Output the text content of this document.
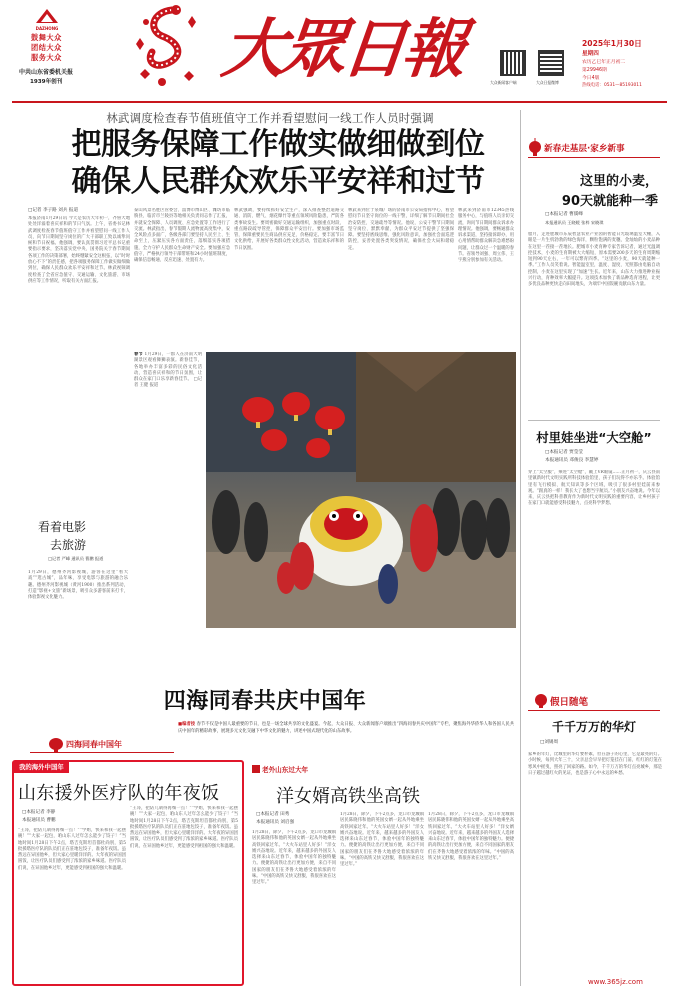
DAZHONG
鼓舞大众
团结大众
服务大众
中共山东省委机关报
1939年创刊 大眾日報	2025年1月30日
星期四
农历乙巳年正月初二
第29946期
今日4版
热线电话：0531—85193011
大众新闻客户端	大众日报微博
林武调度检查春节值班值守工作并看望慰问一线工作人员时强调
把服务保障工作做实做细做到位
确保人民群众欢乐平安祥和过节
□记者 李子路 刘兵 报道
本报济南1月29日讯 今天是农历大年初一，齐鲁大地处处洋溢着喜庆祥和的节日气氛。上午，省委书记林武调度检查春节值班值守工作并看望慰问一线工作人员，向节日期间坚守岗位的广大干部职工致以诚挚问候和节日祝福。他强调，要认真贯彻习近平总书记重要指示要求，坚决落实党中央、国务院关于春节期间各项工作的决策部署，始终绷紧安全这根弦，以“时时放心不下”的责任感，把各项服务保障工作做实做细做到位，确保人民群众欢乐平安祥和过节。林武视频调度检查了全省应急值守、交通运输、文化旅游、市场供应等工作情况，听取有关方面汇报。
泰山风景名胜区管委会、淄博市博山区、潍坊市临朐县、临沂市兰陵县等地相关负责同志作了汇报，并就安全保障、人员调度、应急处置等工作进行了交流。林武指出，春节假期人流物流高度集中，安全风险点多面广，各级各部门要坚持人民至上、生命至上，压紧压实各方面责任，落细落实各项措施，全力守护人民群众生命财产安全。要加强应急值守，严格执行领导干部带班和24小时值班制度，确保信息畅通、反应迅速、处置有力。
林武强调，要持续抓好安全生产，深入排查整治道路交通、消防、燃气、烟花爆竹等重点领域风险隐患，严防各类事故发生。要周密做好交通运输组织，加强重点时段、重点路段疏导管控，保障群众平安出行。要加强市场监管，保障重要民生商品供应充足、价格稳定。要丰富节日文化供给，开展好各类群众性文化活动，营造欢乐祥和的节日氛围。
林武来到位于泉城广场的济南市公安局指挥中心，看望慰问节日坚守岗位的一线干警，详细了解节日期间社会治安防控、交通疏导等情况。他说，公安干警节日期间坚守岗位、默默奉献，为群众平安过节提供了坚强保障。要坚持底线思维，强化风险意识，加强社会面巡逻防控，妥善处置各类突发情况，确保社会大局和谐稳定。
林武来到济南市12345热线服务中心，与值班人员亲切交流，询问节日期间群众诉求办理情况。他强调，要畅通群众诉求渠道，坚持接诉即办，用心用情帮助群众解决急难愁盼问题，让群众过一个温暖的春节。省领导刘强、周立伟、王宇燕分别参加有关活动。
新春走基层·家乡新事
这里的小麦，
90天就能种一季
□本报记者 曹儒峰
本报通讯员 王晓媛 张梓 宋晓琪
腊月，走进肥城市东辰智慧农业产业园的智能日光玻璃温室大棚，入眼是一片生机勃勃的绿色海洋，颗粒饱满的麦穗，金灿灿的小麦品种在这里一茬接一茬地长。肥城市小麦育种专家告诉记者，通过光温调控技术，小麦的生育期被大大缩短，原本需要200多天的生育周期缩短到90天左右，一年可以繁育四季。“这里的小麦，90天就能种一季。”工作人员笑着说。智能温室里，温度、湿度、光照都由电脑自动控制，小麦在这里实现了“加速”生长。近年来，山东大力推进种业振兴行动，育种效率大幅提升。这项技术加快了新品种选育进程，让更多优良品种更快走向田间地头，为端牢中国饭碗贡献山东力量。
村里娃坐进“大空舱”
□本报记者 贾莹莹
本报通讯员 邓俊良 李慧婷
穿上“太空服”，乘进“太空舱”，戴上VR眼镜……正月初一，庆云县南里镇新时代文明实践所科技体验馆里，孩子们玩得不亦乐乎。体验馆里有飞行模拟、航天知识等多个区域，吸引了很多村里娃前来参观。“跟真的一样！我长大了也想当宇航员。”小朋友兴奋地说。今年以来，庆云县把科普教育作为新时代文明实践的重要内容，让乡村孩子在家门口就能感受科技魅力，点亮科学梦想。
看着电影
去旅游
□记者 严峰 通讯员 曹鹏 报道
1月29日，德州齐河影视城，游客在这里“看大戏”“逛古城”，品年味，享受电影与旅游的融合乐趣。德州齐河影视城（黄河1900）推出系列活动，打造“影视+文旅”新场景，吸引众多游客前来打卡，体验影视文化魅力。
春节 1月29日，一群人在济南大明湖景区观看舞狮表演。新春佳节，各地举办丰富多彩的民俗文化活动，营造喜庆祥和的节日氛围，让群众在家门口乐享新春佳节。 □记者 王健 报道
四海同春共庆中国年
■编者按 春节不仅是中国人最重要的节日，也是一场全球共享的文化盛宴。今起，大众日报、大众新闻客户端推出“四海同春共庆中国年”专栏，聚焦海外华侨华人和各国人民共庆中国年的精彩故事，展现多元文化交融下中华文化的魅力，讲述中国式现代化的山东故事。
四海同春中国年
我的海外中国年
山东援外医疗队的年夜饭
□本报记者 李静
本报通讯员 曹鹏
“王哥，把防儿剁得再细一点！”“学姐，快来和我一起摆碗！”“大家一起包，咱山东人过年怎么能少了饺子！”当地时间1月28日下午2点，塔吉克斯坦首都杜尚别，第5批援塔医疗队的队员们正在驻地包饺子，准备年夜饭。虽然远在异国他乡，但大家心里暖洋洋的。大年夜的异国团圆饭，让医疗队员们感受到了浓浓的家乡味道。医疗队员们说，在异国他乡过年，更能感受到祖国的强大和温暖。
“王哥，把防儿剁得再细一点！”“学姐，快来和我一起摆碗！”“大家一起包，咱山东人过年怎么能少了饺子！”当地时间1月28日下午2点，塔吉克斯坦首都杜尚别，第5批援塔医疗队的队员们正在驻地包饺子，准备年夜饭。虽然远在异国他乡，但大家心里暖洋洋的。大年夜的异国团圆饭，让医疗队员们感受到了浓浓的家乡味道。医疗队员们说，在异国他乡过年，更能感受到祖国的强大和温暖。
老外山东过大年
洋女婿高铁坐高铁
□本报记者 田秀
本报通讯员 刘启强
1月28日，除夕，下午2点多，龙口市龙城镇居民陈晓伟和他的英国女婿一起从外地乘坐高铁回家过年。“大火车站里人好多！”洋女婿兴奋地说。近年来，越来越多的外国友人选择来山东过春节，体验中国年的独特魅力。便捷的高铁让出行更加方便，来自不同国家的朋友们在齐鲁大地感受着浓浓的年味。“中国的高铁又快又舒服，我很喜欢在这里过年。”
1月28日，除夕，下午2点多，龙口市龙城镇居民陈晓伟和他的英国女婿一起从外地乘坐高铁回家过年。“大火车站里人好多！”洋女婿兴奋地说。近年来，越来越多的外国友人选择来山东过春节，体验中国年的独特魅力。便捷的高铁让出行更加方便，来自不同国家的朋友们在齐鲁大地感受着浓浓的年味。“中国的高铁又快又舒服，我很喜欢在这里过年。”
1月28日，除夕，下午2点多，龙口市龙城镇居民陈晓伟和他的英国女婿一起从外地乘坐高铁回家过年。“大火车站里人好多！”洋女婿兴奋地说。近年来，越来越多的外国友人选择来山东过春节，体验中国年的独特魅力。便捷的高铁让出行更加方便，来自不同国家的朋友们在齐鲁大地感受着浓浓的年味。“中国的高铁又快又舒服，我很喜欢在这里过年。”
假日随笔
千千万万的华灯
□刘锡周
家乡的年灯，比城里的华灯要朴素，但在游子的心里，它是最亮的灯。小时候，每到大年三十，父亲总会早早把灯笼挂在门前，红红的灯笼在寒风中摇曳，照亮了回家的路。如今，千千万万的华灯点亮城乡，那是日子越过越红火的见证，也是游子心中永远的乡愁。
www.365jz.com
